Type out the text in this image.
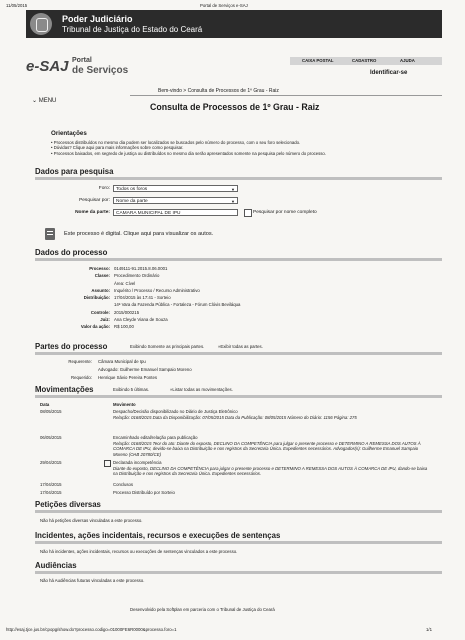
11/05/2015	Portal de Serviços e-SAJ
Poder Judiciário
Tribunal de Justiça do Estado do Ceará
e-SAJ Portal
de Serviços
CAIXA POSTAL	CADASTRO	AJUDA
Identificar-se
Bem-vindo > Consulta de Processos de 1º Grau - Raiz
⌄ MENU
Consulta de Processos de 1º Grau - Raiz
Orientações
• Processos distribuídos no mesmo dia podem ser localizados se buscados pelo número do processo, com o seu foro selecionado.
• Dúvidas? Clique aqui para mais informações sobre como pesquisar.
• Processos baixados, em segredo de justiça ou distribuídos no mesmo dia serão apresentados somente na pesquisa pelo número do processo.
Dados para pesquisa
Foro:	Todos os foros	▼
Pesquisar por:	Nome da parte	▼
Nome da parte:	CAMARA MUNICIPAL DE IPU	Pesquisar por nome completo
Este processo é digital. Clique aqui para visualizar os autos.
Dados do processo
Processo: 0149111-91.2015.8.06.0001
Classe: Procedimento Ordinário
Área: Cível
Assunto: Inquérito / Processo / Recurso Administrativo
Distribuição: 17/04/2015 às 17:41 - Sorteio
14ª Vara da Fazenda Pública - Fortaleza - Fórum Clóvis Beviláqua
Controle: 2015/000215
Juiz: Ana Cleyde Viana de Souza
Valor da ação: R$ 100,00
Partes do processo	Exibindo Somente as principais partes.	»Exibir todas as partes.
Requerente: Câmara Municipal de Ipu
Advogado: Guilherme Emanuel Sampaio Moreno
Requerido: Henrique Sávio Pereira Pontes
Movimentações	Exibindo 5 últimas.	»Listar todas as movimentações.
Data	Movimento
08/05/2015	Despacho/Decisão disponibilizado no Diário de Justiça Eletrônico
Relação: 0168/2015 Data da Disponibilização: 07/05/2015 Data da Publicação: 08/05/2015 Número do Diário: 1156 Página: 275
06/05/2015	Encaminhado edital/relação para publicação
Relação: 0168/2015 Teor do ato: Diante do exposto, DECLINO DA COMPETÊNCIA para julgar o presente processo e DETERMINO A REMESSA DOS AUTOS À COMARCA DE IPU, devido-se baixa na Distribuição e nos registros da Secretaria Única. Expedientes necessários. Advogados(s): Guilherme Emanuel Sampaio Moreno (OAB 20780/CE)
29/04/2015	Declarada incompetência
Diante do exposto, DECLINO DA COMPETÊNCIA para julgar o presente processo e DETERMINO A REMESSA DOS AUTOS À COMARCA DE IPU, dando-se baixa na Distribuição e nos registros da Secretaria Única. Expedientes necessários.
17/04/2015	Conclusos
17/04/2015	Processo Distribuído por Sorteio
Petições diversas
Não há petições diversas vinculadas a este processo.
Incidentes, ações incidentais, recursos e execuções de sentenças
Não há incidentes, ações incidentais, recursos ou execuções de sentenças vinculados a este processo.
Audiências
Não há Audiências futuras vinculadas a este processo.
Desenvolvido pela Softplan em parceria com o Tribunal de Justiça do Ceará
http://esaj.tjce.jus.br/cpopg/show.do?processo.codigo=01000FE6R0000&processo.foro=1	1/1
